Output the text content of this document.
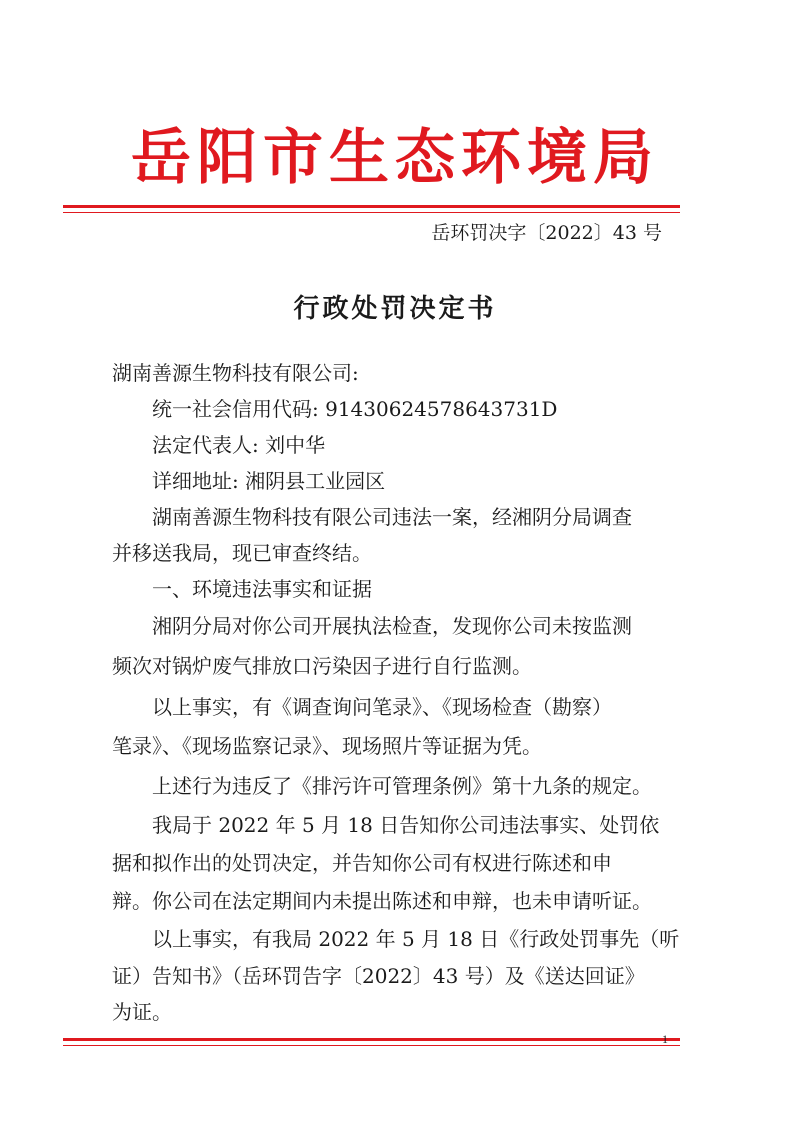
岳阳市生态环境局
岳环罚决字〔2022〕43 号
行政处罚决定书
湖南善源生物科技有限公司:
统一社会信用代码: 91430624578643731D
法定代表人: 刘中华
详细地址: 湘阴县工业园区
湖南善源生物科技有限公司违法一案，经湘阴分局调查
并移送我局，现已审查终结。
一、环境违法事实和证据
湘阴分局对你公司开展执法检查，发现你公司未按监测
频次对锅炉废气排放口污染因子进行自行监测。
以上事实，有《调查询问笔录》、《现场检查（勘察）
笔录》、《现场监察记录》、现场照片等证据为凭。
上述行为违反了《排污许可管理条例》第十九条的规定。
我局于 2022 年 5 月 18 日告知你公司违法事实、处罚依
据和拟作出的处罚决定，并告知你公司有权进行陈述和申
辩。你公司在法定期间内未提出陈述和申辩，也未申请听证。
以上事实，有我局 2022 年 5 月 18 日《行政处罚事先（听
证）告知书》（岳环罚告字〔2022〕43 号）及《送达回证》
为证。
1
